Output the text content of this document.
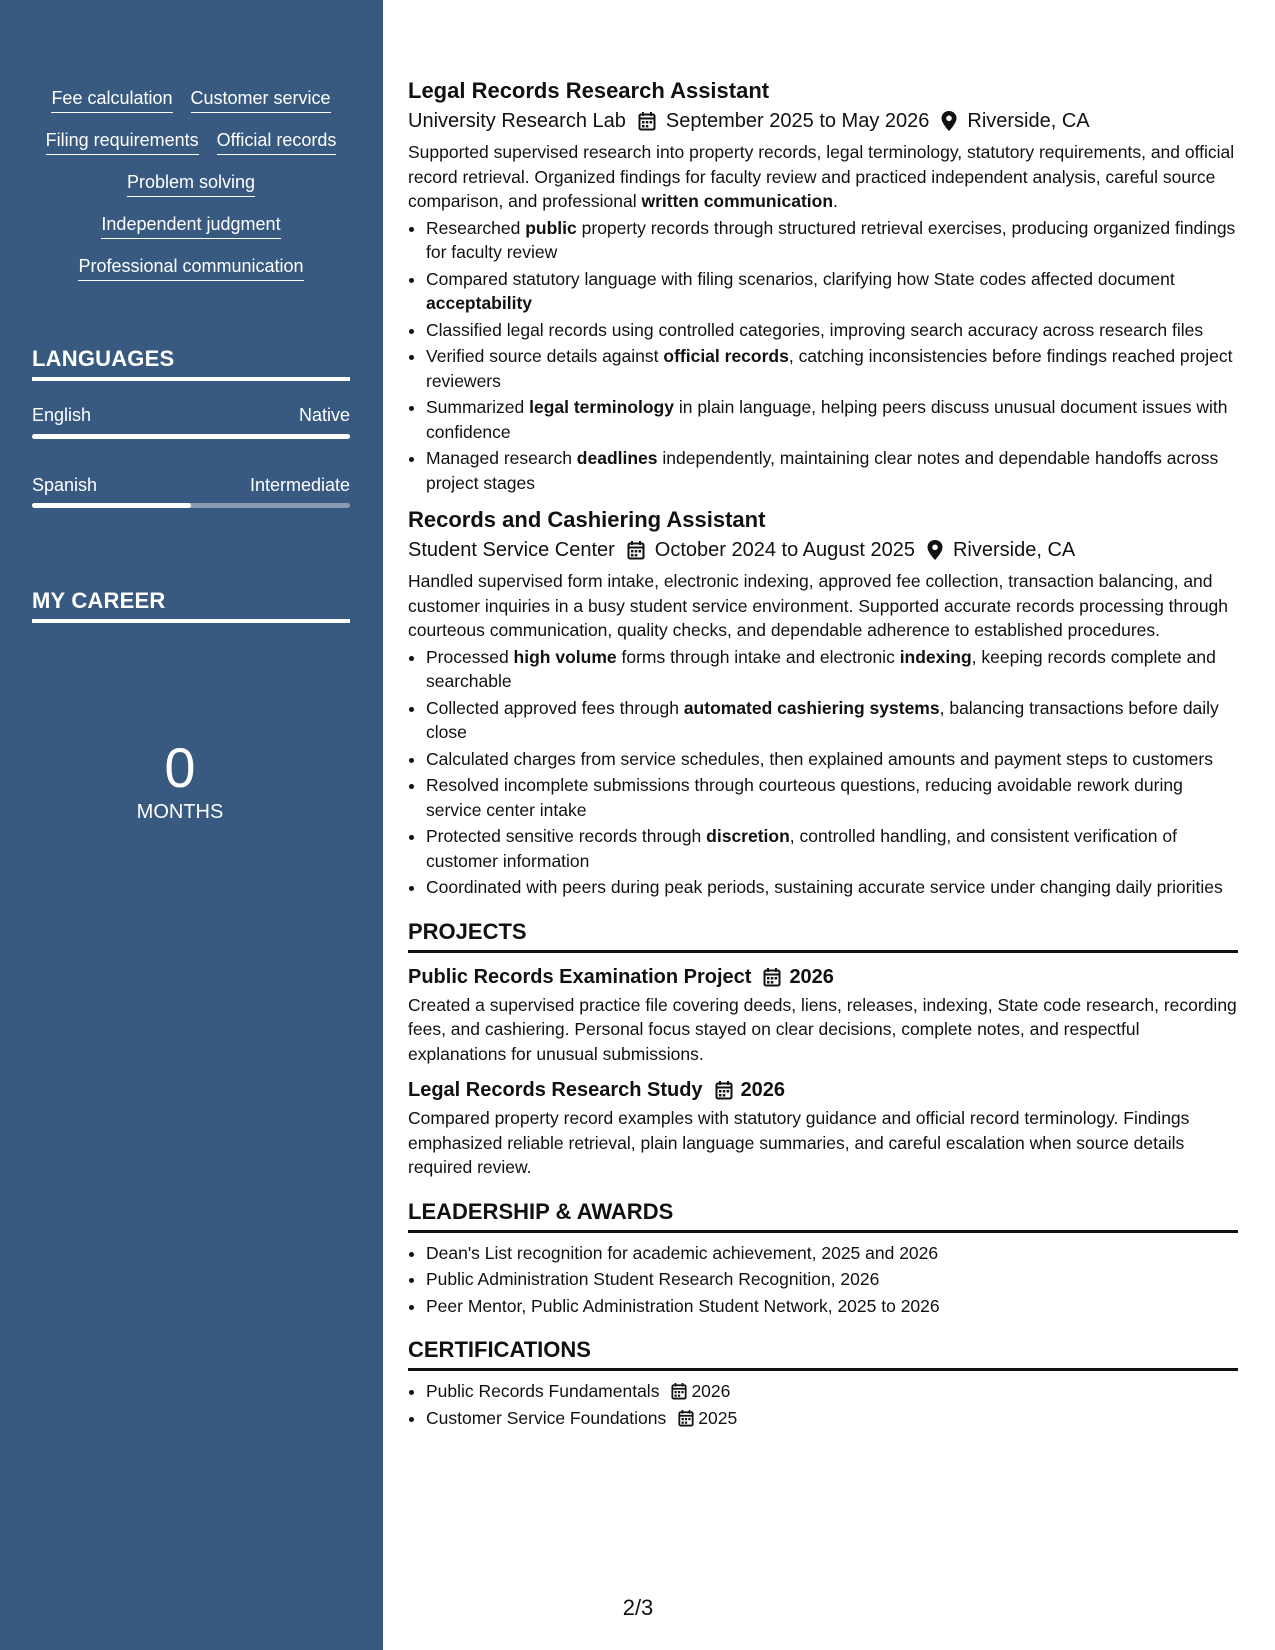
Fee calculation Customer service
Filing requirements Official records
Problem solving
Independent judgment
Professional communication
LANGUAGES
English	Native
Spanish	Intermediate
MY CAREER
0
MONTHS
Legal Records Research Assistant
University Research Lab September 2025 to May 2026 Riverside, CA

Supported supervised research into property records, legal terminology, statutory requirements, and official record retrieval. Organized findings for faculty review and practiced independent analysis, careful source comparison, and professional written communication.

• Researched public property records through structured retrieval exercises, producing organized findings for faculty review
• Compared statutory language with filing scenarios, clarifying how State codes affected document acceptability
• Classified legal records using controlled categories, improving search accuracy across research files
• Verified source details against official records, catching inconsistencies before findings reached project reviewers
• Summarized legal terminology in plain language, helping peers discuss unusual document issues with confidence
• Managed research deadlines independently, maintaining clear notes and dependable handoffs across project stages
Records and Cashiering Assistant
Student Service Center October 2024 to August 2025 Riverside, CA

Handled supervised form intake, electronic indexing, approved fee collection, transaction balancing, and customer inquiries in a busy student service environment. Supported accurate records processing through courteous communication, quality checks, and dependable adherence to established procedures.

• Processed high volume forms through intake and electronic indexing, keeping records complete and searchable
• Collected approved fees through automated cashiering systems, balancing transactions before daily close
• Calculated charges from service schedules, then explained amounts and payment steps to customers
• Resolved incomplete submissions through courteous questions, reducing avoidable rework during service center intake
• Protected sensitive records through discretion, controlled handling, and consistent verification of customer information
• Coordinated with peers during peak periods, sustaining accurate service under changing daily priorities
PROJECTS
Public Records Examination Project 2026

Created a supervised practice file covering deeds, liens, releases, indexing, State code research, recording fees, and cashiering. Personal focus stayed on clear decisions, complete notes, and respectful explanations for unusual submissions.

Legal Records Research Study 2026

Compared property record examples with statutory guidance and official record terminology. Findings emphasized reliable retrieval, plain language summaries, and careful escalation when source details required review.

LEADERSHIP & AWARDS
• Dean's List recognition for academic achievement, 2025 and 2026
• Public Administration Student Research Recognition, 2026
• Peer Mentor, Public Administration Student Network, 2025 to 2026
CERTIFICATIONS
• Public Records Fundamentals 2026
• Customer Service Foundations 2025
2/3
